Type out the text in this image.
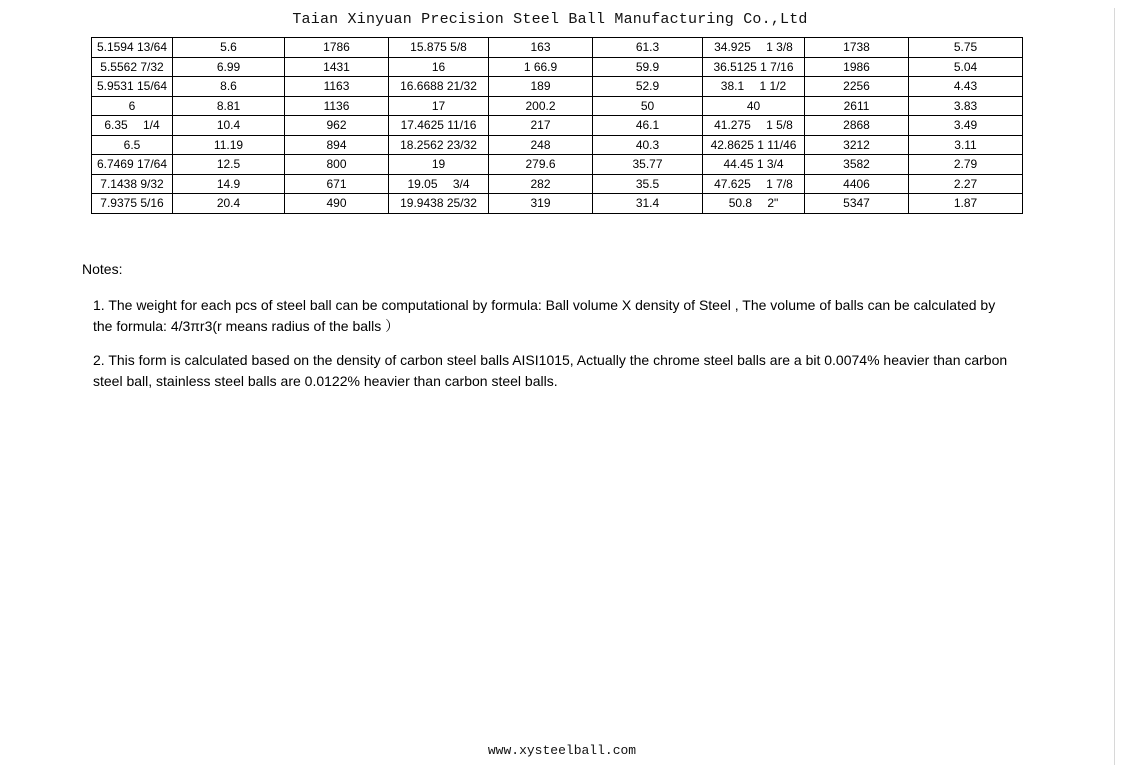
Taian Xinyuan Precision Steel Ball Manufacturing Co.,Ltd
5.1594 13/64	5.6	1786	15.875 5/8	163	61.3	34.925 　1 3/8	1738	5.75
5.5562 7/32	6.99	1431	16	1 66.9	59.9	36.5125 1 7/16	1986	5.04
5.9531 15/64	8.6	1163	16.6688 21/32	189	52.9	38.1 　1 1/2	2256	4.43
6	8.81	1136	17	200.2	50	40	2611	3.83
6.35 　1/4	10.4	962	17.4625 11/16	217	46.1	41.275 　1 5/8	2868	3.49
6.5	11.19	894	18.2562 23/32	248	40.3	42.8625 1 11/46	3212	3.11
6.7469 17/64	12.5	800	19	279.6	35.77	44.45 1 3/4	3582	2.79
7.1438 9/32	14.9	671	19.05 　3/4	282	35.5	47.625 　1 7/8	4406	2.27
7.9375 5/16	20.4	490	19.9438 25/32	319	31.4	50.8 　2"	5347	1.87
Notes:
1. The weight for each pcs of steel ball can be computational by formula: Ball volume X density of Steel , The volume of balls can be calculated by the formula: 4/3πr3(r means radius of the balls ）
2. This form is calculated based on the density of carbon steel balls AISI1015, Actually the chrome steel balls are a bit 0.0074% heavier than carbon steel ball, stainless steel balls are 0.0122% heavier than carbon steel balls.
www.xysteelball.com
